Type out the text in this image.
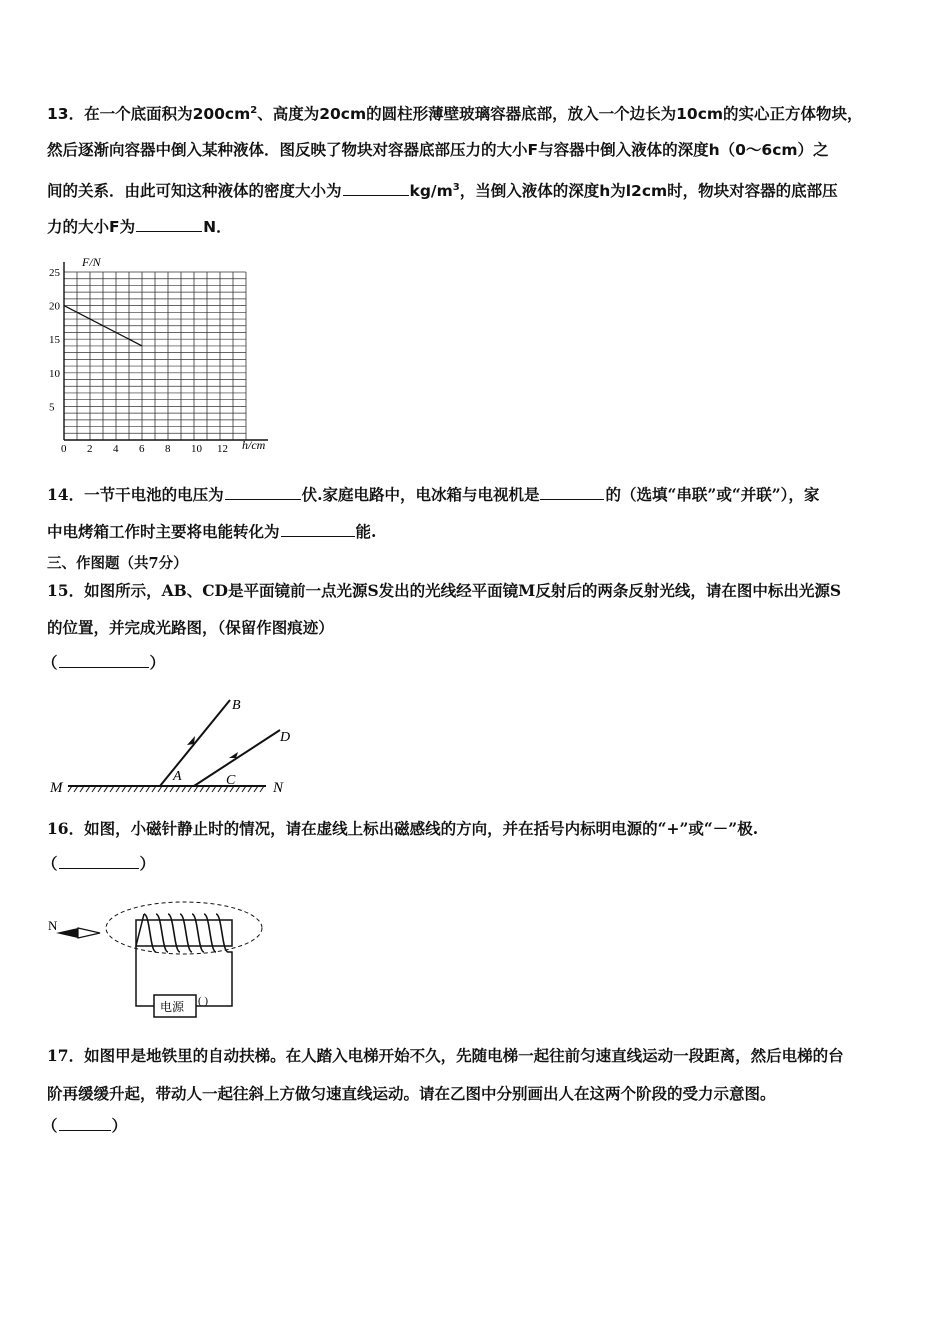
13．在一个底面积为$200cm^2$、高度为20cm的圆柱形薄壁玻璃容器底部，放入一个边长为10cm的实心正方体物块，
然后逐渐向容器中倒入某种液体．图反映了物块对容器底部压力的大小F与容器中倒入液体的深度h（0～6cm）之
间的关系．由此可知这种液体的密度大小为	$kg/m^3$，当倒入液体的深度h为l2cm时，物块对容器的底部压
力的大小F为	N．
0 2 4 6 8 10 12
5
10
15
20
25
F/N
h/cm
14．一节干电池的电压为	伏.家庭电路中，电冰箱与电视机是	的（选填“串联”或“并联”），家
中电烤箱工作时主要将电能转化为	能.
三、作图题（共7分）
15．如图所示，AB、CD是平面镜前一点光源S发出的光线经平面镜M反射后的两条反射光线，请在图中标出光源S
的位置，并完成光路图，（保留作图痕迹）
（	）
B
D
A	C
M	N
16．如图，小磁针静止时的情况，请在虚线上标出磁感线的方向，并在括号内标明电源的“+”或“－”极.
（	）
电源 ( )
N
17．如图甲是地铁里的自动扶梯。在人踏入电梯开始不久，先随电梯一起往前匀速直线运动一段距离，然后电梯的台
阶再缓缓升起，带动人一起往斜上方做匀速直线运动。请在乙图中分别画出人在这两个阶段的受力示意图。
（	）
